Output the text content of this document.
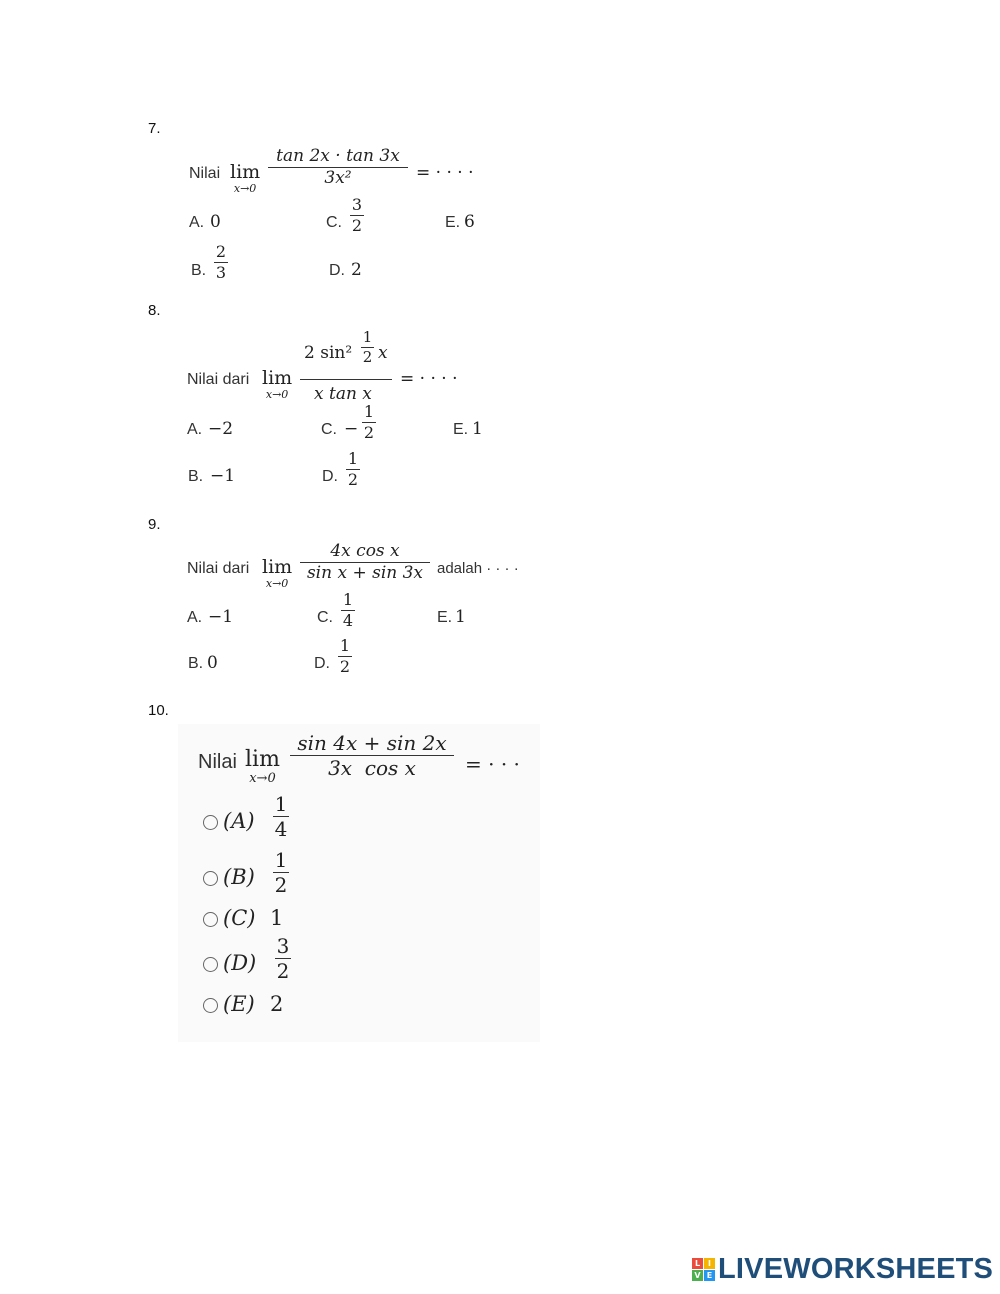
7.
Nilai lim
x→0
tan 2x · tan 3x
3x²	= · · · ·
A. 0	C.
3
2	E. 6
B.
2
3	D. 2
8.
Nilai dari lim
x→0
2 sin²
1
2 x
x tan x
= · · · ·
A. −2	C. −
1
2	E. 1
B. −1	D.
1
2
9.
Nilai dari lim
x→0
4x cos x
sin x + sin 3x adalah · · · ·
A. −1	C.
1
4	E. 1
B. 0	D.
1
2
10.
Nilai lim
x→0
sin 4x + sin 2x
3x  cos x = · · ·
(A)
1
4
(B)
1
2
(C) 1
(D)
3
2
(E) 2
L I
V E LIVEWORKSHEETS
